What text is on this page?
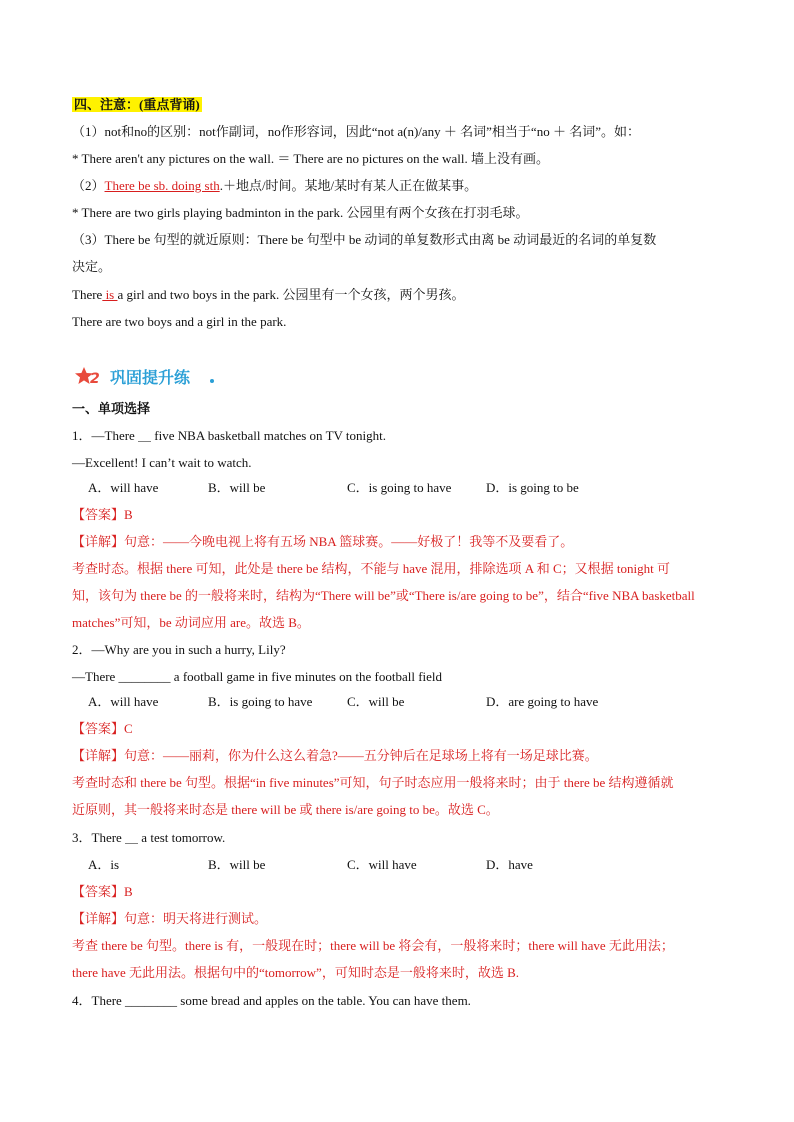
四、注意：(重点背诵)
（1）not和no的区别：not作副词，no作形容词，因此“not a(n)/any ＋ 名词”相当于“no ＋ 名词”。如：
* There aren't any pictures on the wall. ＝ There are no pictures on the wall. 墙上没有画。
（2）There be sb. doing sth.＋地点/时间。某地/某时有某人正在做某事。
* There are two girls playing badminton in the park. 公园里有两个女孩在打羽毛球。
（3）There be 句型的就近原则：There be 句型中 be 动词的单复数形式由离 be 动词最近的名词的单复数
决定。
There is a girl and two boys in the park. 公园里有一个女孩，两个男孩。
There are two boys and a girl in the park.
2 巩固提升练
一、单项选择
1．—There ＿ five NBA basketball matches on TV tonight.
—Excellent! I can’t wait to watch.
A．will have	B．will be	C．is going to have	D．is going to be
【答案】B
【详解】句意：——今晚电视上将有五场 NBA 篮球赛。——好极了！我等不及要看了。
考查时态。根据 there 可知，此处是 there be 结构，不能与 have 混用，排除选项 A 和 C；又根据 tonight 可
知，该句为 there be 的一般将来时，结构为“There will be”或“There is/are going to be”，结合“five NBA basketball
matches”可知，be 动词应用 are。故选 B。
2．—Why are you in such a hurry, Lily?
—There ________ a football game in five minutes on the football field
A．will have	B．is going to have	C．will be	D．are going to have
【答案】C
【详解】句意：——丽莉，你为什么这么着急?——五分钟后在足球场上将有一场足球比赛。
考查时态和 there be 句型。根据“in five minutes”可知，句子时态应用一般将来时；由于 there be 结构遵循就
近原则，其一般将来时态是 there will be 或 there is/are going to be。故选 C。
3．There ＿ a test tomorrow.
A．is	B．will be	C．will have	D．have
【答案】B
【详解】句意：明天将进行测试。
考查 there be 句型。there is 有，一般现在时；there will be 将会有，一般将来时；there will have 无此用法；
there have 无此用法。根据句中的“tomorrow”，可知时态是一般将来时，故选 B.
4．There ________ some bread and apples on the table. You can have them.
